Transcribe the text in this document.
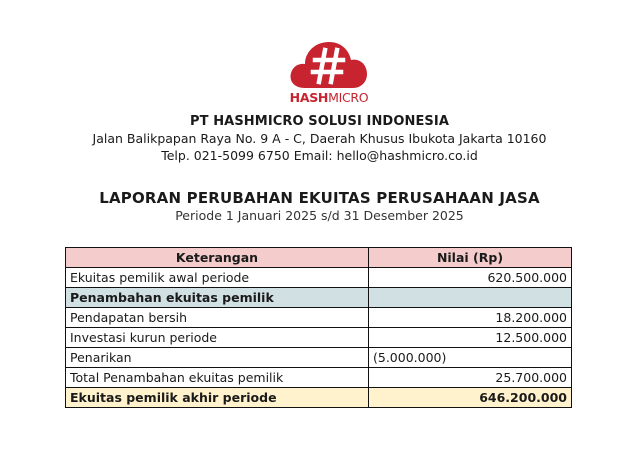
HASHMICRO
PT HASHMICRO SOLUSI INDONESIA
Jalan Balikpapan Raya No. 9 A - C, Daerah Khusus Ibukota Jakarta 10160
Telp. 021-5099 6750 Email: hello@hashmicro.co.id
LAPORAN PERUBAHAN EKUITAS PERUSAHAAN JASA
Periode 1 Januari 2025 s/d 31 Desember 2025
Keterangan	Nilai (Rp)
Ekuitas pemilik awal periode	620.500.000
Penambahan ekuitas pemilik	
Pendapatan bersih	18.200.000
Investasi kurun periode	12.500.000
Penarikan	(5.000.000)
Total Penambahan ekuitas pemilik	25.700.000
Ekuitas pemilik akhir periode	646.200.000
